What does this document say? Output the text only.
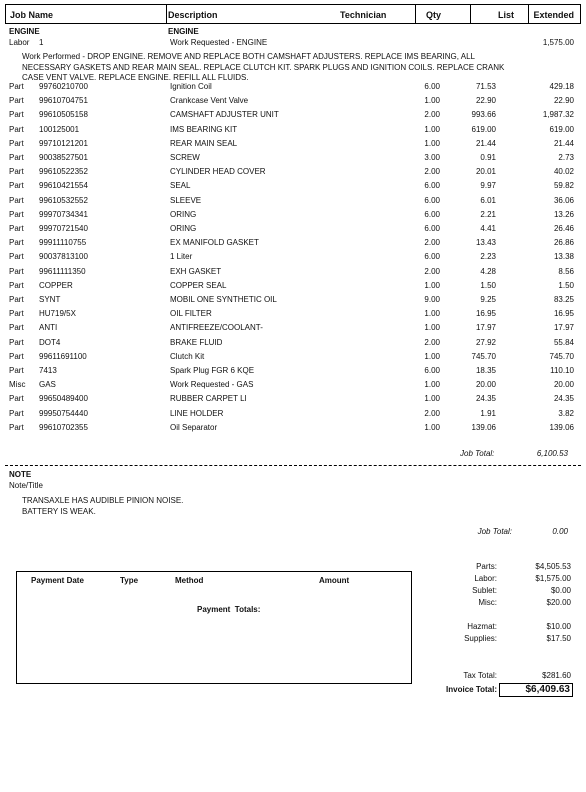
Job Name	Description	Technician	Qty	List	Extended
ENGINE	ENGINE
Labor 1	Work Requested - ENGINE	1,575.00
Work Performed - DROP ENGINE. REMOVE AND REPLACE BOTH CAMSHAFT ADJUSTERS. REPLACE IMS BEARING, ALL
NECESSARY GASKETS AND REAR MAIN SEAL. REPLACE CLUTCH KIT. SPARK PLUGS AND IGNITION COILS. REPLACE CRANK
CASE VENT VALVE. REPLACE ENGINE. REFILL ALL FLUIDS.
Part 99760210700	Ignition Coil	6.00	71.53	429.18
Part 99610704751	Crankcase Vent Valve	1.00	22.90	22.90
Part 99610505158	CAMSHAFT ADJUSTER UNIT	2.00	993.66	1,987.32
Part 100125001	IMS BEARING KIT	1.00	619.00	619.00
Part 99710121201	REAR MAIN SEAL	1.00	21.44	21.44
Part 90038527501	SCREW	3.00	0.91	2.73
Part 99610522352	CYLINDER HEAD COVER	2.00	20.01	40.02
Part 99610421554	SEAL	6.00	9.97	59.82
Part 99610532552	SLEEVE	6.00	6.01	36.06
Part 99970734341	ORING	6.00	2.21	13.26
Part 99970721540	ORING	6.00	4.41	26.46
Part 99911110755	EX MANIFOLD GASKET	2.00	13.43	26.86
Part 90037813100	1 Liter	6.00	2.23	13.38
Part 99611111350	EXH GASKET	2.00	4.28	8.56
Part COPPER	COPPER SEAL	1.00	1.50	1.50
Part SYNT	MOBIL ONE SYNTHETIC OIL	9.00	9.25	83.25
Part HU719/5X	OIL FILTER	1.00	16.95	16.95
Part ANTI	ANTIFREEZE/COOLANT-	1.00	17.97	17.97
Part DOT4	BRAKE FLUID	2.00	27.92	55.84
Part 99611691100	Clutch Kit	1.00	745.70	745.70
Part 7413	Spark Plug FGR 6 KQE	6.00	18.35	110.10
Misc GAS	Work Requested - GAS	1.00	20.00	20.00
Part 99650489400	RUBBER CARPET LI	1.00	24.35	24.35
Part 99950754440	LINE HOLDER	2.00	1.91	3.82
Part 99610702355	Oil Separator	1.00	139.06	139.06
Job Total:	6,100.53
NOTE
Note/Title
TRANSAXLE HAS AUDIBLE PINION NOISE.
BATTERY IS WEAK.
Job Total:	0.00
Payment Date	Type	Method	Amount
Payment  Totals:
Parts:	$4,505.53
Labor:	$1,575.00
Sublet:	$0.00
Misc:	$20.00
Hazmat:	$10.00
Supplies:	$17.50
Tax Total:	$281.60
Invoice Total:	$6,409.63
